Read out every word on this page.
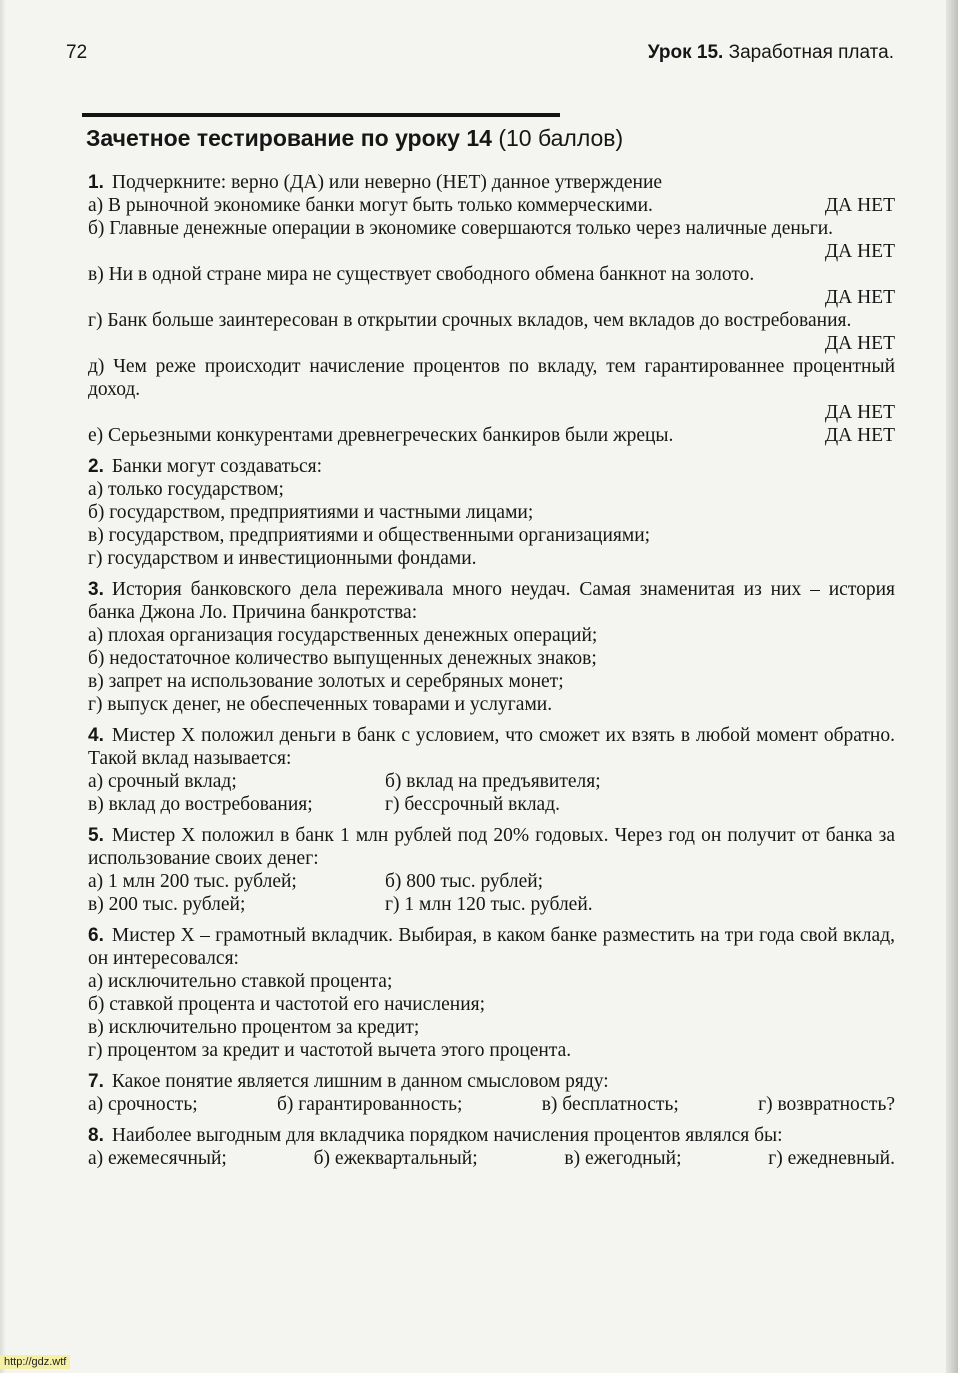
72	Урок 15. Заработная плата.
Зачетное тестирование по уроку 14 (10 баллов)

1. Подчеркните: верно (ДА) или неверно (НЕТ) данное утверждение

а) В рыночной экономике банки могут быть только коммерческими.	ДА НЕТ

б) Главные денежные операции в экономике совершаются только через наличные деньги.
ДА НЕТ

в) Ни в одной стране мира не существует свободного обмена банкнот на золото.
ДА НЕТ

г) Банк больше заинтересован в открытии срочных вкладов, чем вкладов до востребования.
ДА НЕТ

д) Чем реже происходит начисление процентов по вкладу, тем гарантированнее процентный доход.
ДА НЕТ

е) Серьезными конкурентами древнегреческих банкиров были жрецы.	ДА НЕТ

2. Банки могут создаваться:

а) только государством;

б) государством, предприятиями и частными лицами;

в) государством, предприятиями и общественными организациями;

г) государством и инвестиционными фондами.

3. История банковского дела переживала много неудач. Самая знаменитая из них – история банка Джона Ло. Причина банкротства:

а) плохая организация государственных денежных операций;

б) недостаточное количество выпущенных денежных знаков;

в) запрет на использование золотых и серебряных монет;

г) выпуск денег, не обеспеченных товарами и услугами.

4. Мистер X положил деньги в банк с условием, что сможет их взять в любой момент обратно. Такой вклад называется:

а) срочный вклад;	б) вклад на предъявителя;
в) вклад до востребования;	г) бессрочный вклад.

5. Мистер X положил в банк 1 млн рублей под 20% годовых. Через год он получит от банка за использование своих денег:

а) 1 млн 200 тыс. рублей;	б) 800 тыс. рублей;
в) 200 тыс. рублей;	г) 1 млн 120 тыс. рублей.

6. Мистер X – грамотный вкладчик. Выбирая, в каком банке разместить на три года свой вклад, он интересовался:

а) исключительно ставкой процента;

б) ставкой процента и частотой его начисления;

в) исключительно процентом за кредит;

г) процентом за кредит и частотой вычета этого процента.

7. Какое понятие является лишним в данном смысловом ряду:

а) срочность;	б) гарантированность;	в) бесплатность;	г) возвратность?

8. Наиболее выгодным для вкладчика порядком начисления процентов являлся бы:

а) ежемесячный;	б) ежеквартальный;	в) ежегодный;	г) ежедневный.
http://gdz.wtf
